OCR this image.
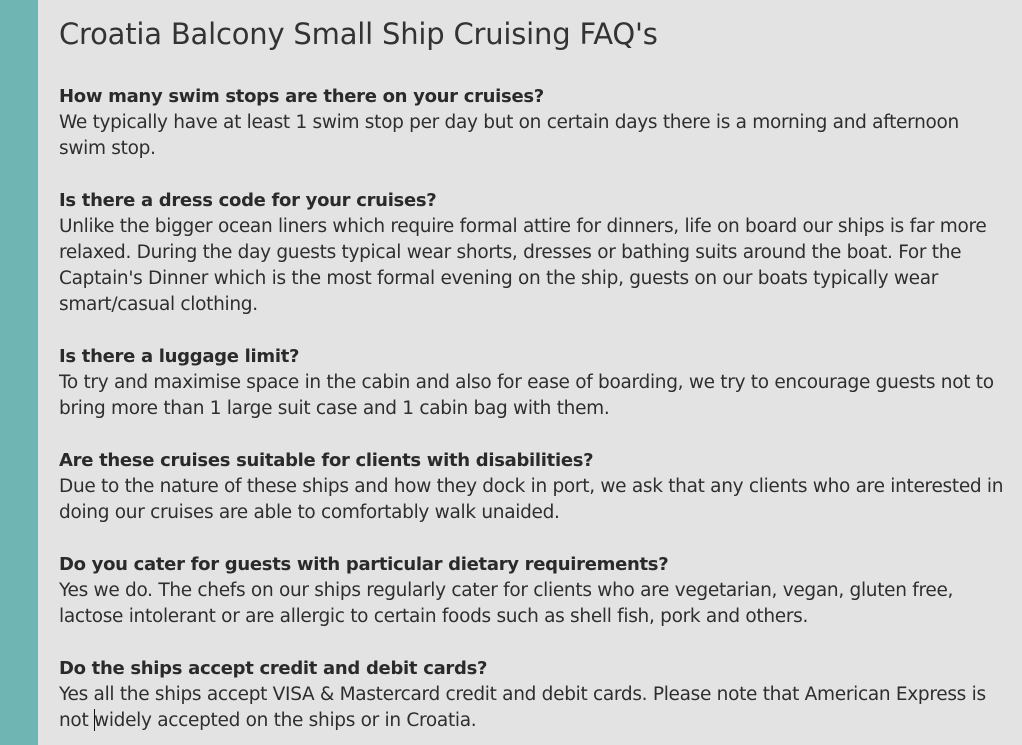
Croatia Balcony Small Ship Cruising FAQ's
How many swim stops are there on your cruises?
We typically have at least 1 swim stop per day but on certain days there is a morning and afternoon swim stop.
Is there a dress code for your cruises?
Unlike the bigger ocean liners which require formal attire for dinners, life on board our ships is far more relaxed. During the day guests typical wear shorts, dresses or bathing suits around the boat. For the Captain's Dinner which is the most formal evening on the ship, guests on our boats typically wear smart/casual clothing.
Is there a luggage limit?
To try and maximise space in the cabin and also for ease of boarding, we try to encourage guests not to bring more than 1 large suit case and 1 cabin bag with them.
Are these cruises suitable for clients with disabilities?
Due to the nature of these ships and how they dock in port, we ask that any clients who are interested in doing our cruises are able to comfortably walk unaided.
Do you cater for guests with particular dietary requirements?
Yes we do. The chefs on our ships regularly cater for clients who are vegetarian, vegan, gluten free, lactose intolerant or are allergic to certain foods such as shell fish, pork and others.
Do the ships accept credit and debit cards?
Yes all the ships accept VISA & Mastercard credit and debit cards. Please note that American Express is not widely accepted on the ships or in Croatia.
